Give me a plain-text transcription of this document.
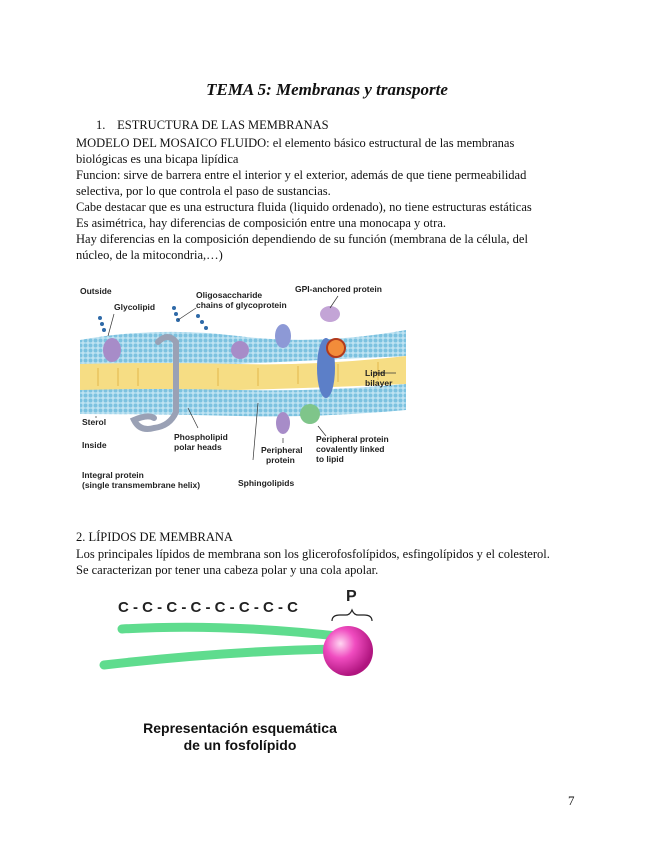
TEMA 5: Membranas y transporte
1. ESTRUCTURA DE LAS MEMBRANAS
MODELO DEL MOSAICO FLUIDO: el elemento básico estructural de las membranas
biológicas es una bicapa lipídica
Funcion: sirve de barrera entre el interior y el exterior, además de que tiene permeabilidad
selectiva, por lo que controla el paso de sustancias.
Cabe destacar que es una estructura fluida (liquido ordenado), no tiene estructuras estáticas
Es asimétrica, hay diferencias de composición entre una monocapa y otra.
Hay diferencias en la composición dependiendo de su función (membrana de la célula, del
núcleo, de la mitocondria,…)
Outside
Glycolipid
Oligosaccharide
chains of glycoprotein
GPI-anchored protein
Lipid
bilayer
Sterol
Inside
Phospholipid
polar heads	Peripheral
protein
Peripheral protein
covalently linked
to lipid
Integral protein
(single transmembrane helix)	Sphingolipids
2. LÍPIDOS DE MEMBRANA
Los principales lípidos de membrana son los glicerofosfolípidos, esfingolípidos y el colesterol.
Se caracterizan por tener una cabeza polar y una cola apolar.
C - C - C - C - C - C - C - C
P
Representación esquemática
de un fosfolípido
7
